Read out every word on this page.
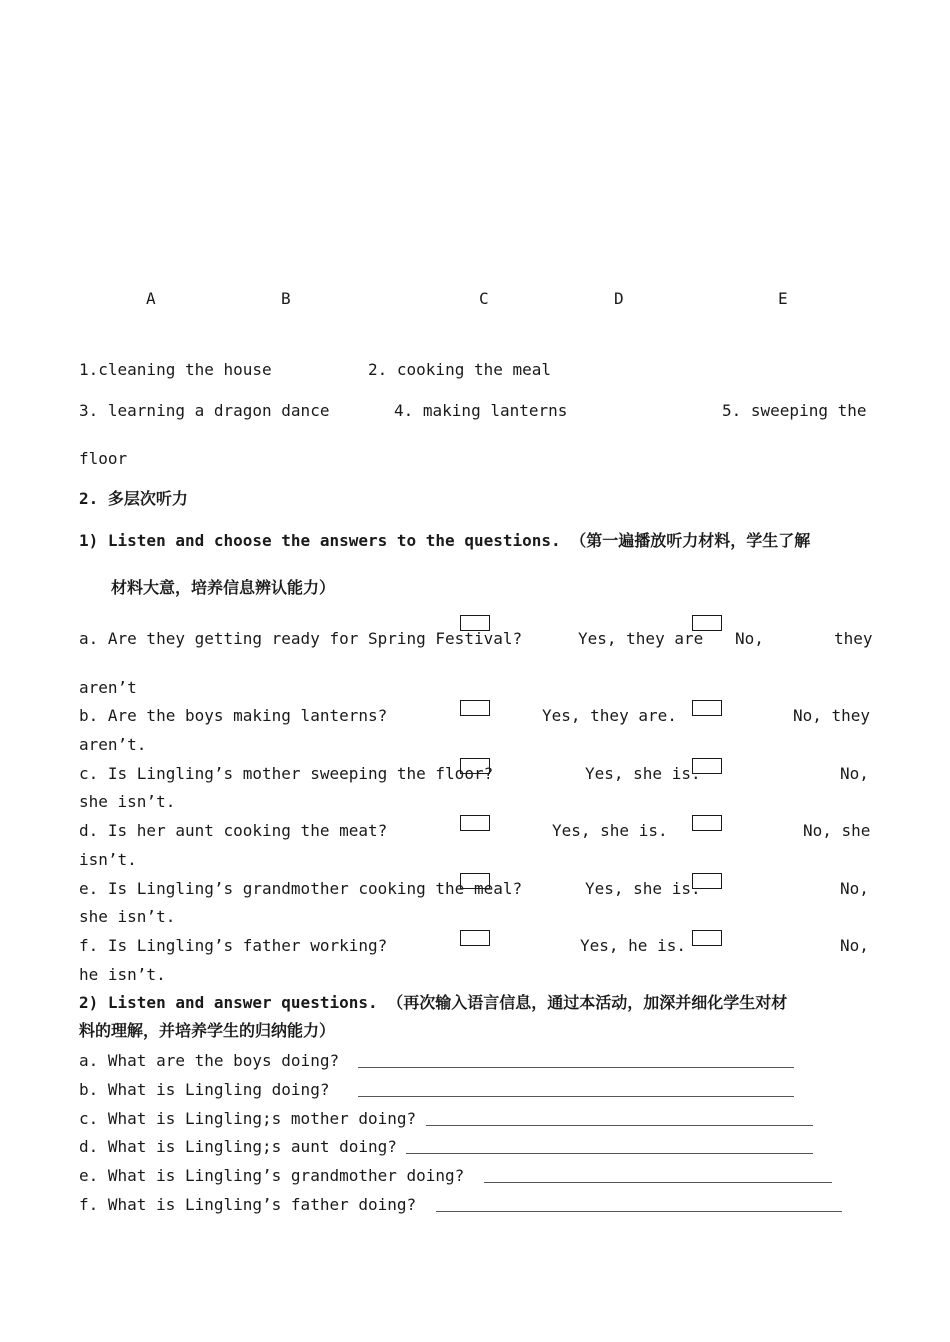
A	B	C	D	E
1.cleaning the house	2. cooking the meal
3. learning a dragon dance	4. making lanterns	5. sweeping the
floor
2. 多层次听力
1) Listen and choose the answers to the questions. （第一遍播放听力材料，学生了解
材料大意，培养信息辨认能力）
a. Are they getting ready for Spring Festival?	Yes, they are No,	they
aren’t
b. Are the boys making lanterns?	Yes, they are.	No, they
aren’t.
c. Is Lingling’s mother sweeping the floor?	Yes, she is.	No,
she isn’t.
d. Is her aunt cooking the meat?	Yes, she is.	No, she
isn’t.
e. Is Lingling’s grandmother cooking the meal?	Yes, she is.	No,
she isn’t.
f. Is Lingling’s father working?	Yes, he is.	No,
he isn’t.
2) Listen and answer questions. （再次输入语言信息，通过本活动，加深并细化学生对材
料的理解，并培养学生的归纳能力）
a. What are the boys doing?
b. What is Lingling doing?
c. What is Lingling;s mother doing?
d. What is Lingling;s aunt doing?
e. What is Lingling’s grandmother doing?
f. What is Lingling’s father doing?
